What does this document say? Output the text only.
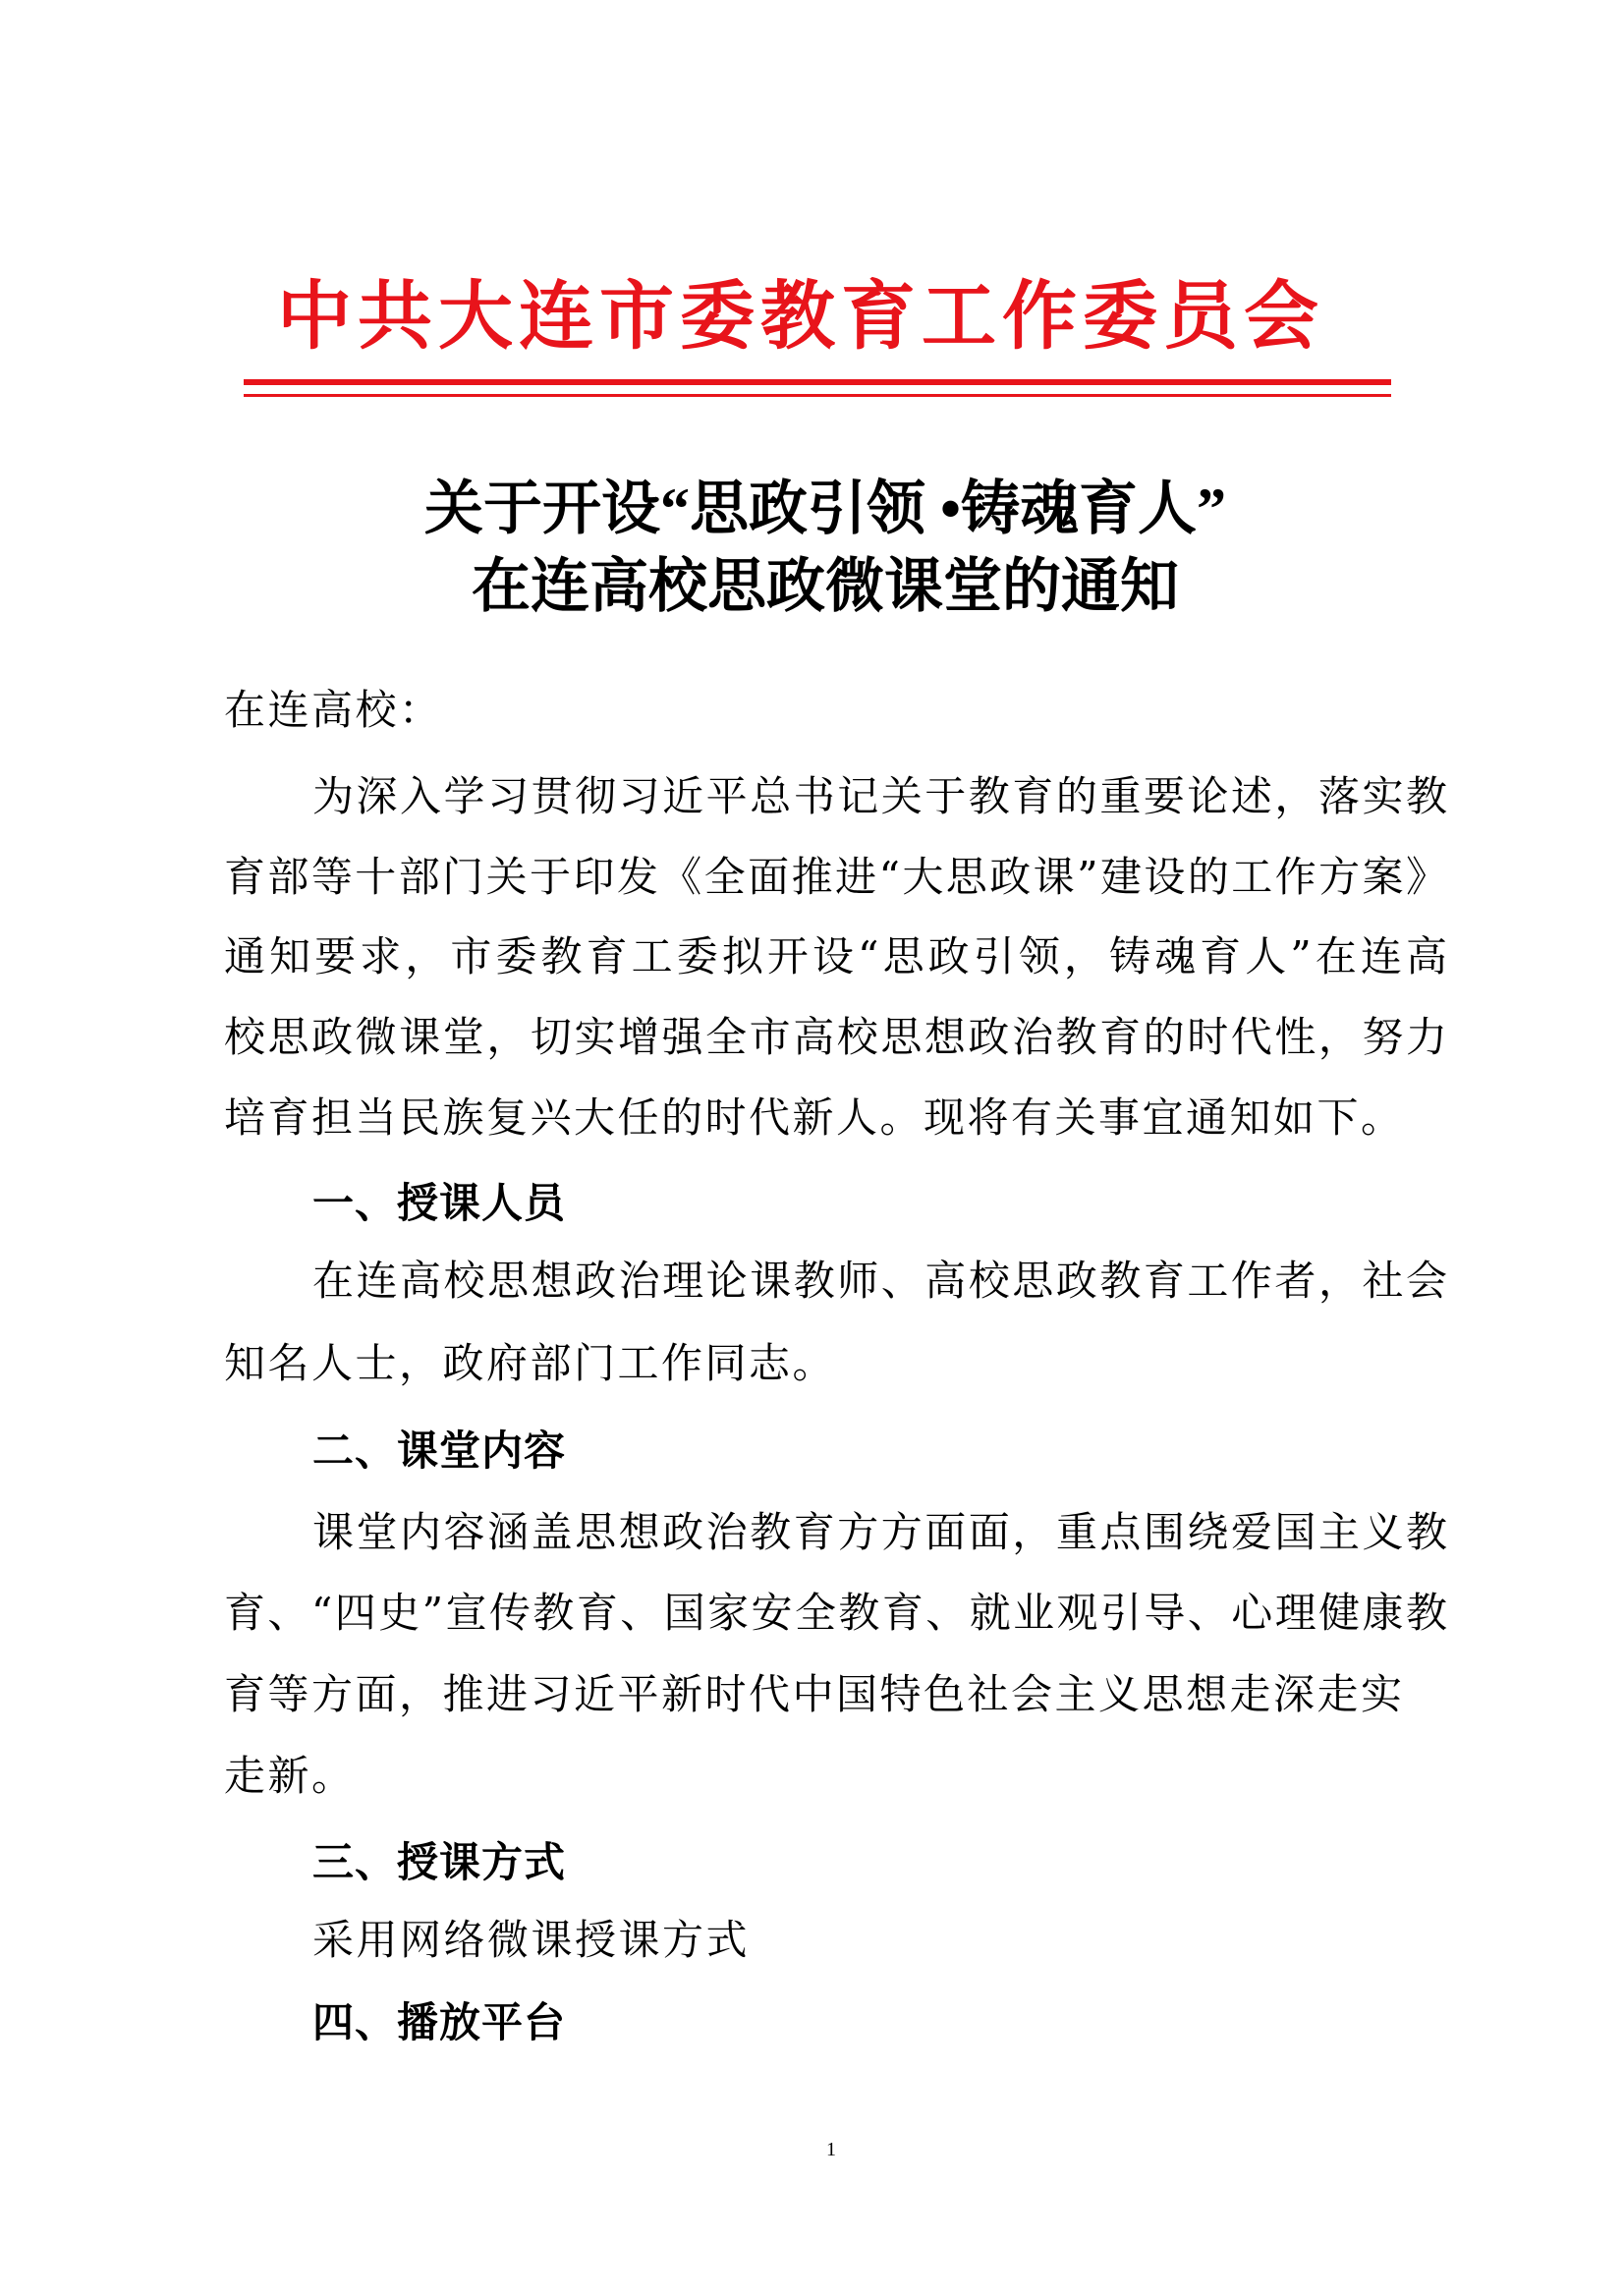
中共大连市委教育工作委员会
关于开设“思政引领 •铸魂育人”
在连高校思政微课堂的通知
在连高校：
为深入学习贯彻习近平总书记关于教育的重要论述，落实教
育部等十部门关于印发《全面推进“大思政课”建设的工作方案》
通知要求，市委教育工委拟开设“思政引领，铸魂育人”在连高
校思政微课堂，切实增强全市高校思想政治教育的时代性，努力
培育担当民族复兴大任的时代新人。现将有关事宜通知如下。
一、授课人员
在连高校思想政治理论课教师、高校思政教育工作者，社会
知名人士，政府部门工作同志。
二、课堂内容
课堂内容涵盖思想政治教育方方面面，重点围绕爱国主义教
育、“四史”宣传教育、国家安全教育、就业观引导、心理健康教
育等方面，推进习近平新时代中国特色社会主义思想走深走实
走新。
三、授课方式
采用网络微课授课方式
四、播放平台
1
